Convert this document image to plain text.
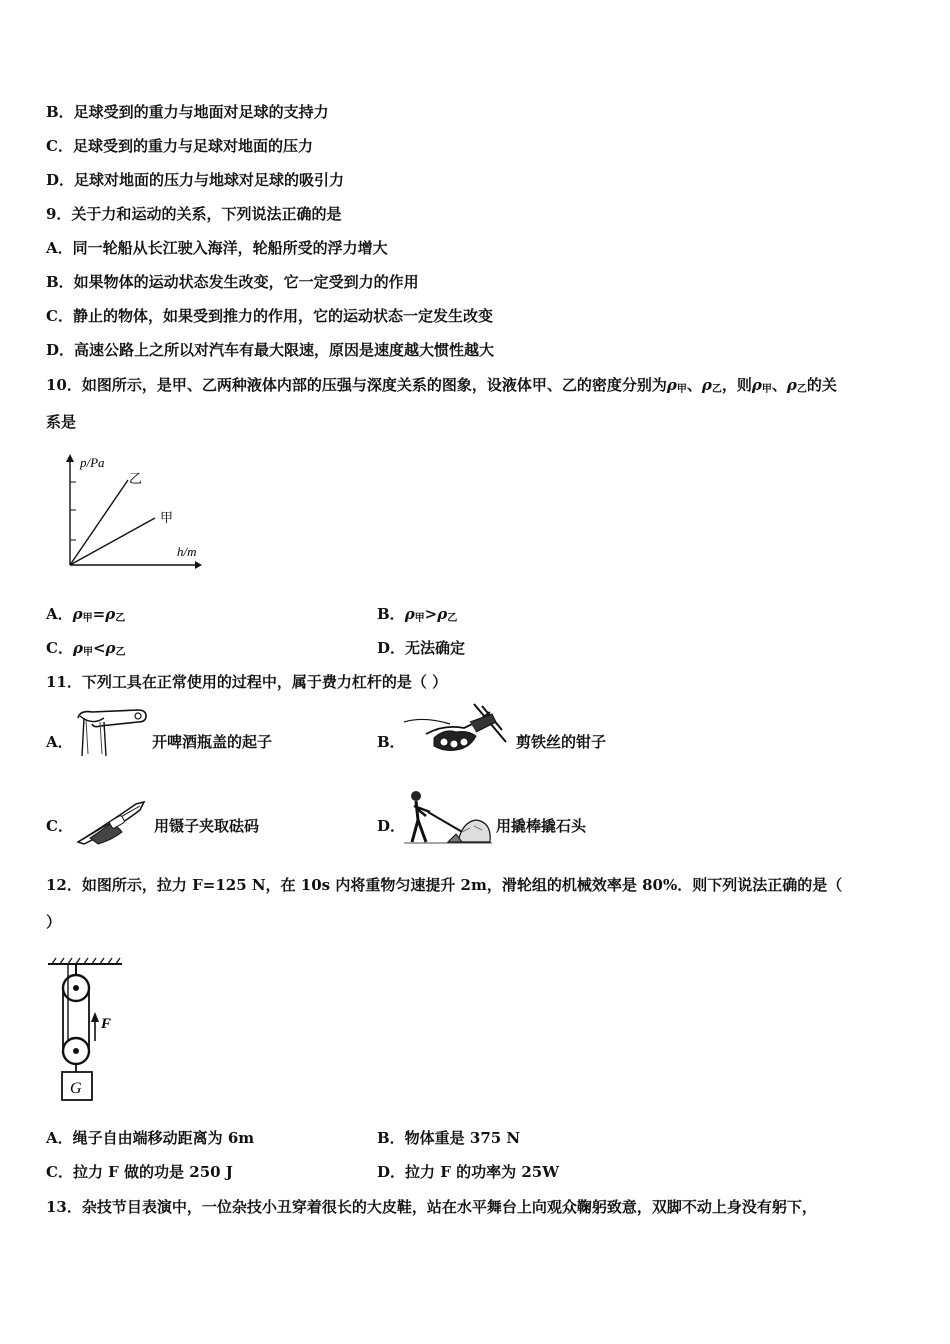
B．足球受到的重力与地面对足球的支持力
C．足球受到的重力与足球对地面的压力
D．足球对地面的压力与地球对足球的吸引力
9．关于力和运动的关系，下列说法正确的是
A．同一轮船从长江驶入海洋，轮船所受的浮力增大
B．如果物体的运动状态发生改变，它一定受到力的作用
C．静止的物体，如果受到推力的作用，它的运动状态一定发生改变
D．高速公路上之所以对汽车有最大限速，原因是速度越大惯性越大
10．如图所示，是甲、乙两种液体内部的压强与深度关系的图象，设液体甲、乙的密度分别为$\rho_甲$、$\rho_乙$，则$\rho_甲$、$\rho_乙$的关
系是
p/Pa
h/m
乙
甲
A．$\rho_甲=\rho_乙$	B．$\rho_甲>\rho_乙$
C．$\rho_甲<\rho_乙$	D．无法确定
11．下列工具在正常使用的过程中，属于费力杠杆的是（ ）
A．	开啤酒瓶盖的起子	B．	剪铁丝的钳子
C．	用镊子夹取砝码	D．	用撬棒撬石头
12．如图所示，拉力 F=125 N，在 10s 内将重物匀速提升 2m，滑轮组的机械效率是 80%．则下列说法正确的是（
）
F
G
A．绳子自由端移动距离为 6m	B．物体重是 375 N
C．拉力 F 做的功是 250 J	D．拉力 F 的功率为 25W
13．杂技节目表演中，一位杂技小丑穿着很长的大皮鞋，站在水平舞台上向观众鞠躬致意，双脚不动上身没有躬下，
